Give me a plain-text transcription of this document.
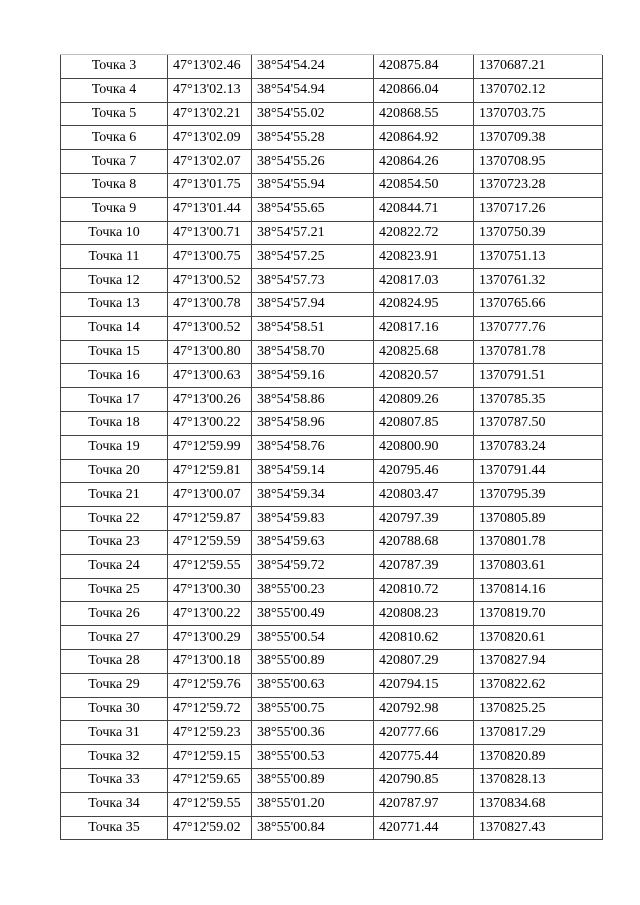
Точка 3	47°13'02.46	38°54'54.24	420875.84	1370687.21
Точка 4	47°13'02.13	38°54'54.94	420866.04	1370702.12
Точка 5	47°13'02.21	38°54'55.02	420868.55	1370703.75
Точка 6	47°13'02.09	38°54'55.28	420864.92	1370709.38
Точка 7	47°13'02.07	38°54'55.26	420864.26	1370708.95
Точка 8	47°13'01.75	38°54'55.94	420854.50	1370723.28
Точка 9	47°13'01.44	38°54'55.65	420844.71	1370717.26
Точка 10	47°13'00.71	38°54'57.21	420822.72	1370750.39
Точка 11	47°13'00.75	38°54'57.25	420823.91	1370751.13
Точка 12	47°13'00.52	38°54'57.73	420817.03	1370761.32
Точка 13	47°13'00.78	38°54'57.94	420824.95	1370765.66
Точка 14	47°13'00.52	38°54'58.51	420817.16	1370777.76
Точка 15	47°13'00.80	38°54'58.70	420825.68	1370781.78
Точка 16	47°13'00.63	38°54'59.16	420820.57	1370791.51
Точка 17	47°13'00.26	38°54'58.86	420809.26	1370785.35
Точка 18	47°13'00.22	38°54'58.96	420807.85	1370787.50
Точка 19	47°12'59.99	38°54'58.76	420800.90	1370783.24
Точка 20	47°12'59.81	38°54'59.14	420795.46	1370791.44
Точка 21	47°13'00.07	38°54'59.34	420803.47	1370795.39
Точка 22	47°12'59.87	38°54'59.83	420797.39	1370805.89
Точка 23	47°12'59.59	38°54'59.63	420788.68	1370801.78
Точка 24	47°12'59.55	38°54'59.72	420787.39	1370803.61
Точка 25	47°13'00.30	38°55'00.23	420810.72	1370814.16
Точка 26	47°13'00.22	38°55'00.49	420808.23	1370819.70
Точка 27	47°13'00.29	38°55'00.54	420810.62	1370820.61
Точка 28	47°13'00.18	38°55'00.89	420807.29	1370827.94
Точка 29	47°12'59.76	38°55'00.63	420794.15	1370822.62
Точка 30	47°12'59.72	38°55'00.75	420792.98	1370825.25
Точка 31	47°12'59.23	38°55'00.36	420777.66	1370817.29
Точка 32	47°12'59.15	38°55'00.53	420775.44	1370820.89
Точка 33	47°12'59.65	38°55'00.89	420790.85	1370828.13
Точка 34	47°12'59.55	38°55'01.20	420787.97	1370834.68
Точка 35	47°12'59.02	38°55'00.84	420771.44	1370827.43
